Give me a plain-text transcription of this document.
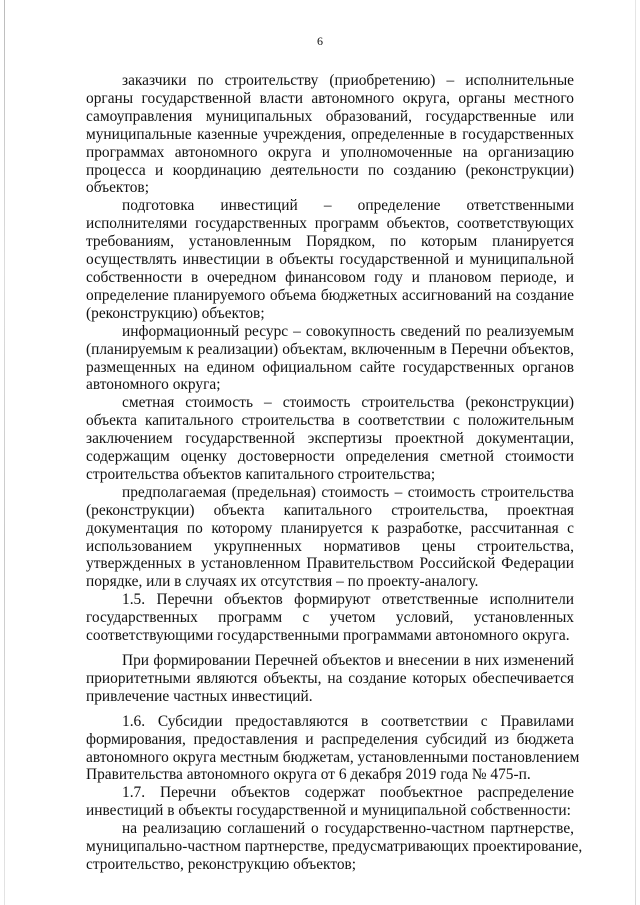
6
заказчики по строительству (приобретению) – исполнительные
органы государственной власти автономного округа, органы местного
самоуправления муниципальных образований, государственные или
муниципальные казенные учреждения, определенные в государственных
программах автономного округа и уполномоченные на организацию
процесса и координацию деятельности по созданию (реконструкции)
объектов;
подготовка инвестиций – определение ответственными
исполнителями государственных программ объектов, соответствующих
требованиям, установленным Порядком, по которым планируется
осуществлять инвестиции в объекты государственной и муниципальной
собственности в очередном финансовом году и плановом периоде, и
определение планируемого объема бюджетных ассигнований на создание
(реконструкцию) объектов;
информационный ресурс – совокупность сведений по реализуемым
(планируемым к реализации) объектам, включенным в Перечни объектов,
размещенных на едином официальном сайте государственных органов
автономного округа;
сметная стоимость – стоимость строительства (реконструкции)
объекта капитального строительства в соответствии с положительным
заключением государственной экспертизы проектной документации,
содержащим оценку достоверности определения сметной стоимости
строительства объектов капитального строительства;
предполагаемая (предельная) стоимость – стоимость строительства
(реконструкции) объекта капитального строительства, проектная
документация по которому планируется к разработке, рассчитанная с
использованием укрупненных нормативов цены строительства,
утвержденных в установленном Правительством Российской Федерации
порядке, или в случаях их отсутствия – по проекту-аналогу.
1.5. Перечни объектов формируют ответственные исполнители
государственных программ с учетом условий, установленных
соответствующими государственными программами автономного округа.
При формировании Перечней объектов и внесении в них изменений
приоритетными являются объекты, на создание которых обеспечивается
привлечение частных инвестиций.
1.6. Субсидии предоставляются в соответствии с Правилами
формирования, предоставления и распределения субсидий из бюджета
автономного округа местным бюджетам, установленными постановлением
Правительства автономного округа от 6 декабря 2019 года № 475-п.
1.7. Перечни объектов содержат пообъектное распределение
инвестиций в объекты государственной и муниципальной собственности:
на реализацию соглашений о государственно-частном партнерстве,
муниципально-частном партнерстве, предусматривающих проектирование,
строительство, реконструкцию объектов;
